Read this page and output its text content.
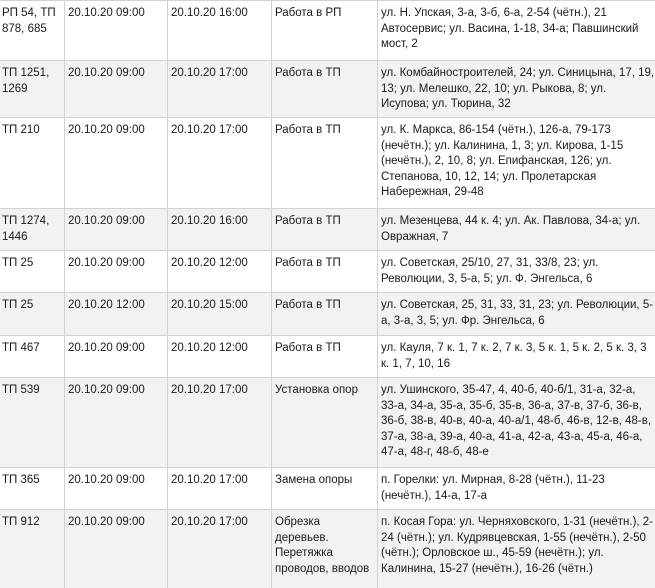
РП 54, ТП 878, 685	20.10.20 09:00	20.10.20 16:00	Работа в РП	ул. Н. Упская, 3-а, 3-б, 6-а, 2-54 (чётн.), 21 Автосервис; ул. Васина, 1-18, 34-а; Павшинский мост, 2
ТП 1251, 1269	20.10.20 09:00	20.10.20 17:00	Работа в ТП	ул. Комбайностроителей, 24; ул. Синицына, 17, 19, 13; ул. Мелешко, 22, 10; ул. Рыкова, 8; ул. Исупова; ул. Тюрина, 32
ТП 210	20.10.20 09:00	20.10.20 17:00	Работа в ТП	ул. К. Маркса, 86-154 (чётн.), 126-а, 79-173 (нечётн.); ул. Калинина, 1, 3; ул. Кирова, 1-15 (нечётн.), 2, 10, 8; ул. Епифанская, 126; ул. Степанова, 10, 12, 14; ул. Пролетарская Набережная, 29-48
ТП 1274, 1446	20.10.20 09:00	20.10.20 16:00	Работа в ТП	ул. Мезенцева, 44 к. 4; ул. Ак. Павлова, 34-а; ул. Овражная, 7
ТП 25	20.10.20 09:00	20.10.20 12:00	Работа в ТП	ул. Советская, 25/10, 27, 31, 33/8, 23; ул. Революции, 3, 5-а, 5; ул. Ф. Энгельса, 6
ТП 25	20.10.20 12:00	20.10.20 15:00	Работа в ТП	ул. Советская, 25, 31, 33, 31, 23; ул. Революции, 5-а, 3-а, 3, 5; ул. Фр. Энгельса, 6
ТП 467	20.10.20 09:00	20.10.20 12:00	Работа в ТП	ул. Кауля, 7 к. 1, 7 к. 2, 7 к. 3, 5 к. 1, 5 к. 2, 5 к. 3, 3 к. 1, 7, 10, 16
ТП 539	20.10.20 09:00	20.10.20 17:00	Установка опор	ул. Ушинского, 35-47, 4, 40-б, 40-б/1, 31-а, 32-а, 33-а, 34-а, 35-а, 35-б, 35-в, 36-а, 37-в, 37-б, 36-в, 36-б, 38-в, 40-в, 40-а, 40-а/1, 48-б, 46-в, 12-в, 48-в, 37-а, 38-а, 39-а, 40-а, 41-а, 42-а, 43-а, 45-а, 46-а, 47-а, 48-г, 48-б, 48-е
ТП 365	20.10.20 09:00	20.10.20 17:00	Замена опоры	п. Горелки: ул. Мирная, 8-28 (чётн.), 11-23 (нечётн.), 14-а, 17-а
ТП 912	20.10.20 09:00	20.10.20 17:00	Обрезка деревьев. Перетяжка проводов, вводов	п. Косая Гора: ул. Черняховского, 1-31 (нечётн.), 2-24 (чётн.); ул. Кудрявцевская, 1-55 (нечётн.), 2-50 (чётн.); Орловское ш., 45-59 (нечётн.); ул. Калинина, 15-27 (нечётн.), 16-26 (чётн.)
